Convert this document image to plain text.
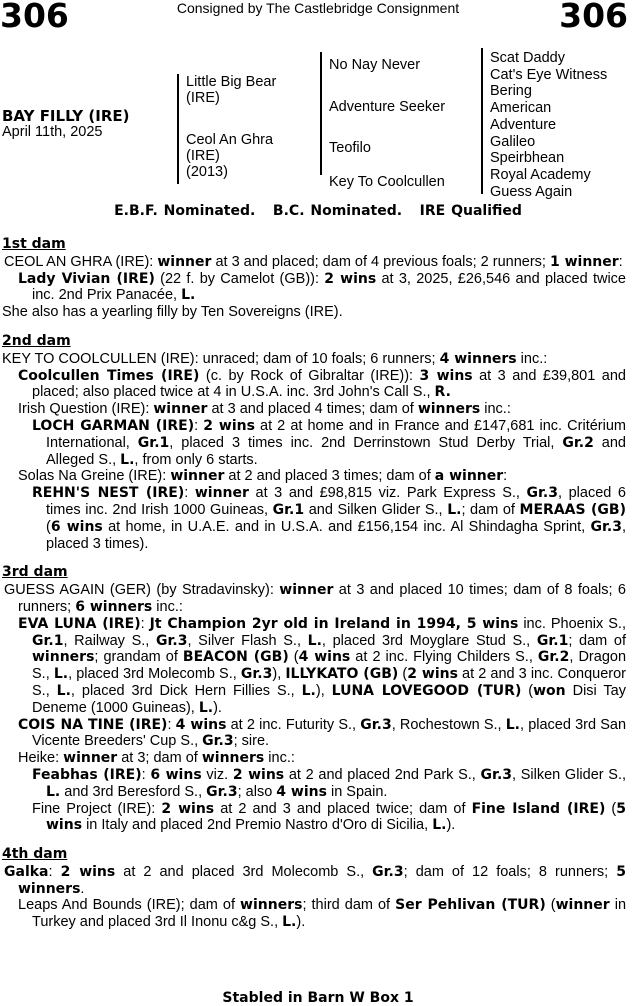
306	Consigned by The Castlebridge Consignment	306
BAY FILLY (IRE)
April 11th, 2025
Little Big Bear
(IRE)
Ceol An Ghra
(IRE)
(2013)
No Nay Never
Adventure Seeker
Teofilo
Key To Coolcullen
Scat Daddy
Cat's Eye Witness
Bering
American
Adventure
Galileo
Speirbhean
Royal Academy
Guess Again
E.B.F. Nominated.   B.C. Nominated.   IRE Qualified
1st dam
CEOL AN GHRA (IRE): winner at 3 and placed; dam of 4 previous foals; 2 runners; 1 winner:
Lady Vivian (IRE) (22 f. by Camelot (GB)): 2 wins at 3, 2025, £26,546 and placed twice inc. 2nd Prix Panacée, L.
She also has a yearling filly by Ten Sovereigns (IRE).
2nd dam
KEY TO COOLCULLEN (IRE): unraced; dam of 10 foals; 6 runners; 4 winners inc.:
Coolcullen Times (IRE) (c. by Rock of Gibraltar (IRE)): 3 wins at 3 and £39,801 and placed; also placed twice at 4 in U.S.A. inc. 3rd John's Call S., R.
Irish Question (IRE): winner at 3 and placed 4 times; dam of winners inc.:
LOCH GARMAN (IRE): 2 wins at 2 at home and in France and £147,681 inc. Critérium International, Gr.1, placed 3 times inc. 2nd Derrinstown Stud Derby Trial, Gr.2 and Alleged S., L., from only 6 starts.
Solas Na Greine (IRE): winner at 2 and placed 3 times; dam of a winner:
REHN'S NEST (IRE): winner at 3 and £98,815 viz. Park Express S., Gr.3, placed 6 times inc. 2nd Irish 1000 Guineas, Gr.1 and Silken Glider S., L.; dam of MERAAS (GB) (6 wins at home, in U.A.E. and in U.S.A. and £156,154 inc. Al Shindagha Sprint, Gr.3, placed 3 times).
3rd dam
GUESS AGAIN (GER) (by Stradavinsky): winner at 3 and placed 10 times; dam of 8 foals; 6 runners; 6 winners inc.:
EVA LUNA (IRE): Jt Champion 2yr old in Ireland in 1994, 5 wins inc. Phoenix S., Gr.1, Railway S., Gr.3, Silver Flash S., L., placed 3rd Moyglare Stud S., Gr.1; dam of winners; grandam of BEACON (GB) (4 wins at 2 inc. Flying Childers S., Gr.2, Dragon S., L., placed 3rd Molecomb S., Gr.3), ILLYKATO (GB) (2 wins at 2 and 3 inc. Conqueror S., L., placed 3rd Dick Hern Fillies S., L.), LUNA LOVEGOOD (TUR) (won Disi Tay Deneme (1000 Guineas), L.).
COIS NA TINE (IRE): 4 wins at 2 inc. Futurity S., Gr.3, Rochestown S., L., placed 3rd San Vicente Breeders' Cup S., Gr.3; sire.
Heike: winner at 3; dam of winners inc.:
Feabhas (IRE): 6 wins viz. 2 wins at 2 and placed 2nd Park S., Gr.3, Silken Glider S., L. and 3rd Beresford S., Gr.3; also 4 wins in Spain.
Fine Project (IRE): 2 wins at 2 and 3 and placed twice; dam of Fine Island (IRE) (5 wins in Italy and placed 2nd Premio Nastro d'Oro di Sicilia, L.).
4th dam
Galka: 2 wins at 2 and placed 3rd Molecomb S., Gr.3; dam of 12 foals; 8 runners; 5 winners.
Leaps And Bounds (IRE); dam of winners; third dam of Ser Pehlivan (TUR) (winner in Turkey and placed 3rd Il Inonu c&g S., L.).
Stabled in Barn W Box 1
